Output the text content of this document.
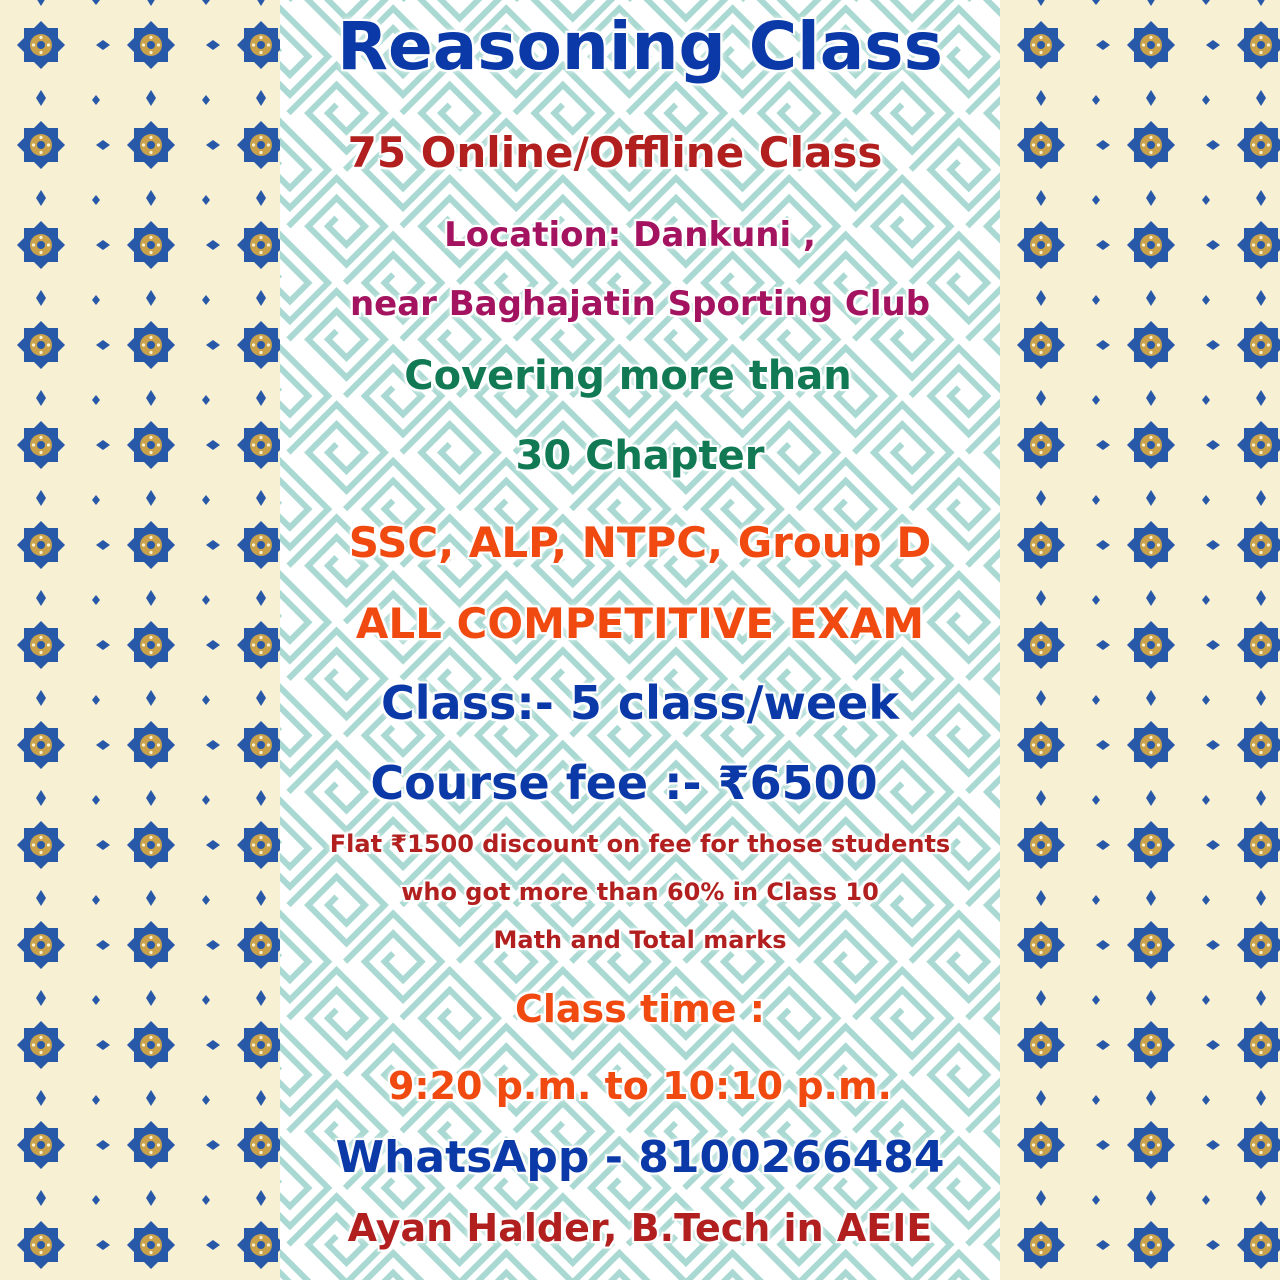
Reasoning Class
75 Online/Offline Class
Location: Dankuni ,
near Baghajatin Sporting Club
Covering more than
30 Chapter
SSC, ALP, NTPC, Group D
ALL COMPETITIVE EXAM
Class:- 5 class/week
Course fee :- ₹6500
Flat ₹1500 discount on fee for those students
who got more than 60% in Class 10
Math and Total marks
Class time :
9:20 p.m. to 10:10 p.m.
WhatsApp - 8100266484
Ayan Halder, B.Tech in AEIE
